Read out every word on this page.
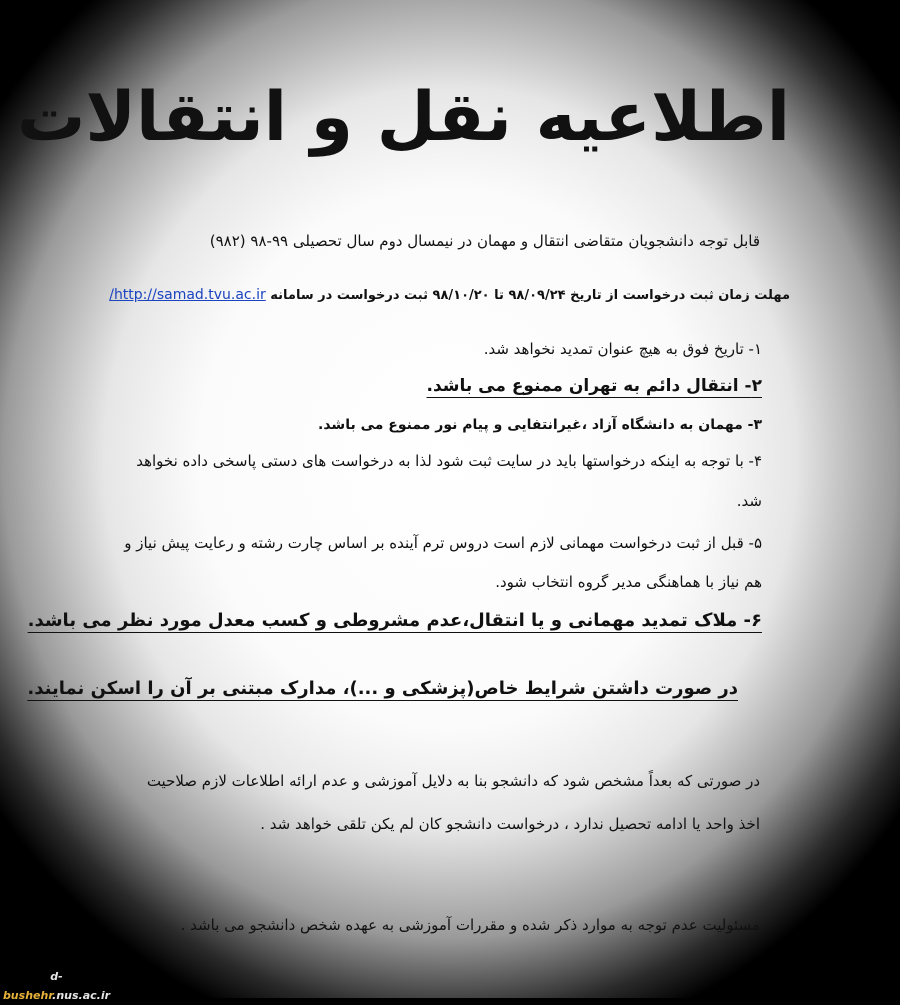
اطلاعیه نقل و انتقالات
قابل توجه دانشجویان متقاضی انتقال و مهمان در نیمسال دوم سال تحصیلی ۹۹-۹۸ (۹۸۲)
مهلت زمان ثبت درخواست از تاریخ ۹۸/۰۹/۲۴ تا ۹۸/۱۰/۲۰ ثبت درخواست در سامانه http://samad.tvu.ac.ir/
۱- تاریخ فوق به هیچ عنوان تمدید نخواهد شد.
۲- انتقال دائم به تهران ممنوع می باشد.
۳- مهمان به دانشگاه آزاد ،غیرانتفایی و پیام نور ممنوع می باشد.
۴- با توجه به اینکه درخواستها باید در سایت ثبت شود لذا به درخواست های دستی پاسخی داده نخواهد
شد.
۵- قبل از ثبت درخواست مهمانی لازم است دروس ترم آینده بر اساس چارت رشته و رعایت پیش نیاز و
هم نیاز با هماهنگی مدیر گروه انتخاب شود.
۶- ملاک تمدید مهمانی و یا انتقال،عدم مشروطی و کسب معدل مورد نظر می باشد.
در صورت داشتن شرایط خاص(پزشکی و ...)، مدارک مبتنی بر آن را اسکن نمایند.
در صورتی که بعداً مشخص شود که دانشجو بنا به دلایل آموزشی و عدم ارائه اطلاعات لازم صلاحیت
اخذ واحد یا ادامه تحصیل ندارد ، درخواست دانشجو کان لم یکن تلقی خواهد شد .
مسئولیت عدم توجه به موارد ذکر شده و مقررات آموزشی به عهده شخص دانشجو می باشد .
d-bushehr.nus.ac.ir
